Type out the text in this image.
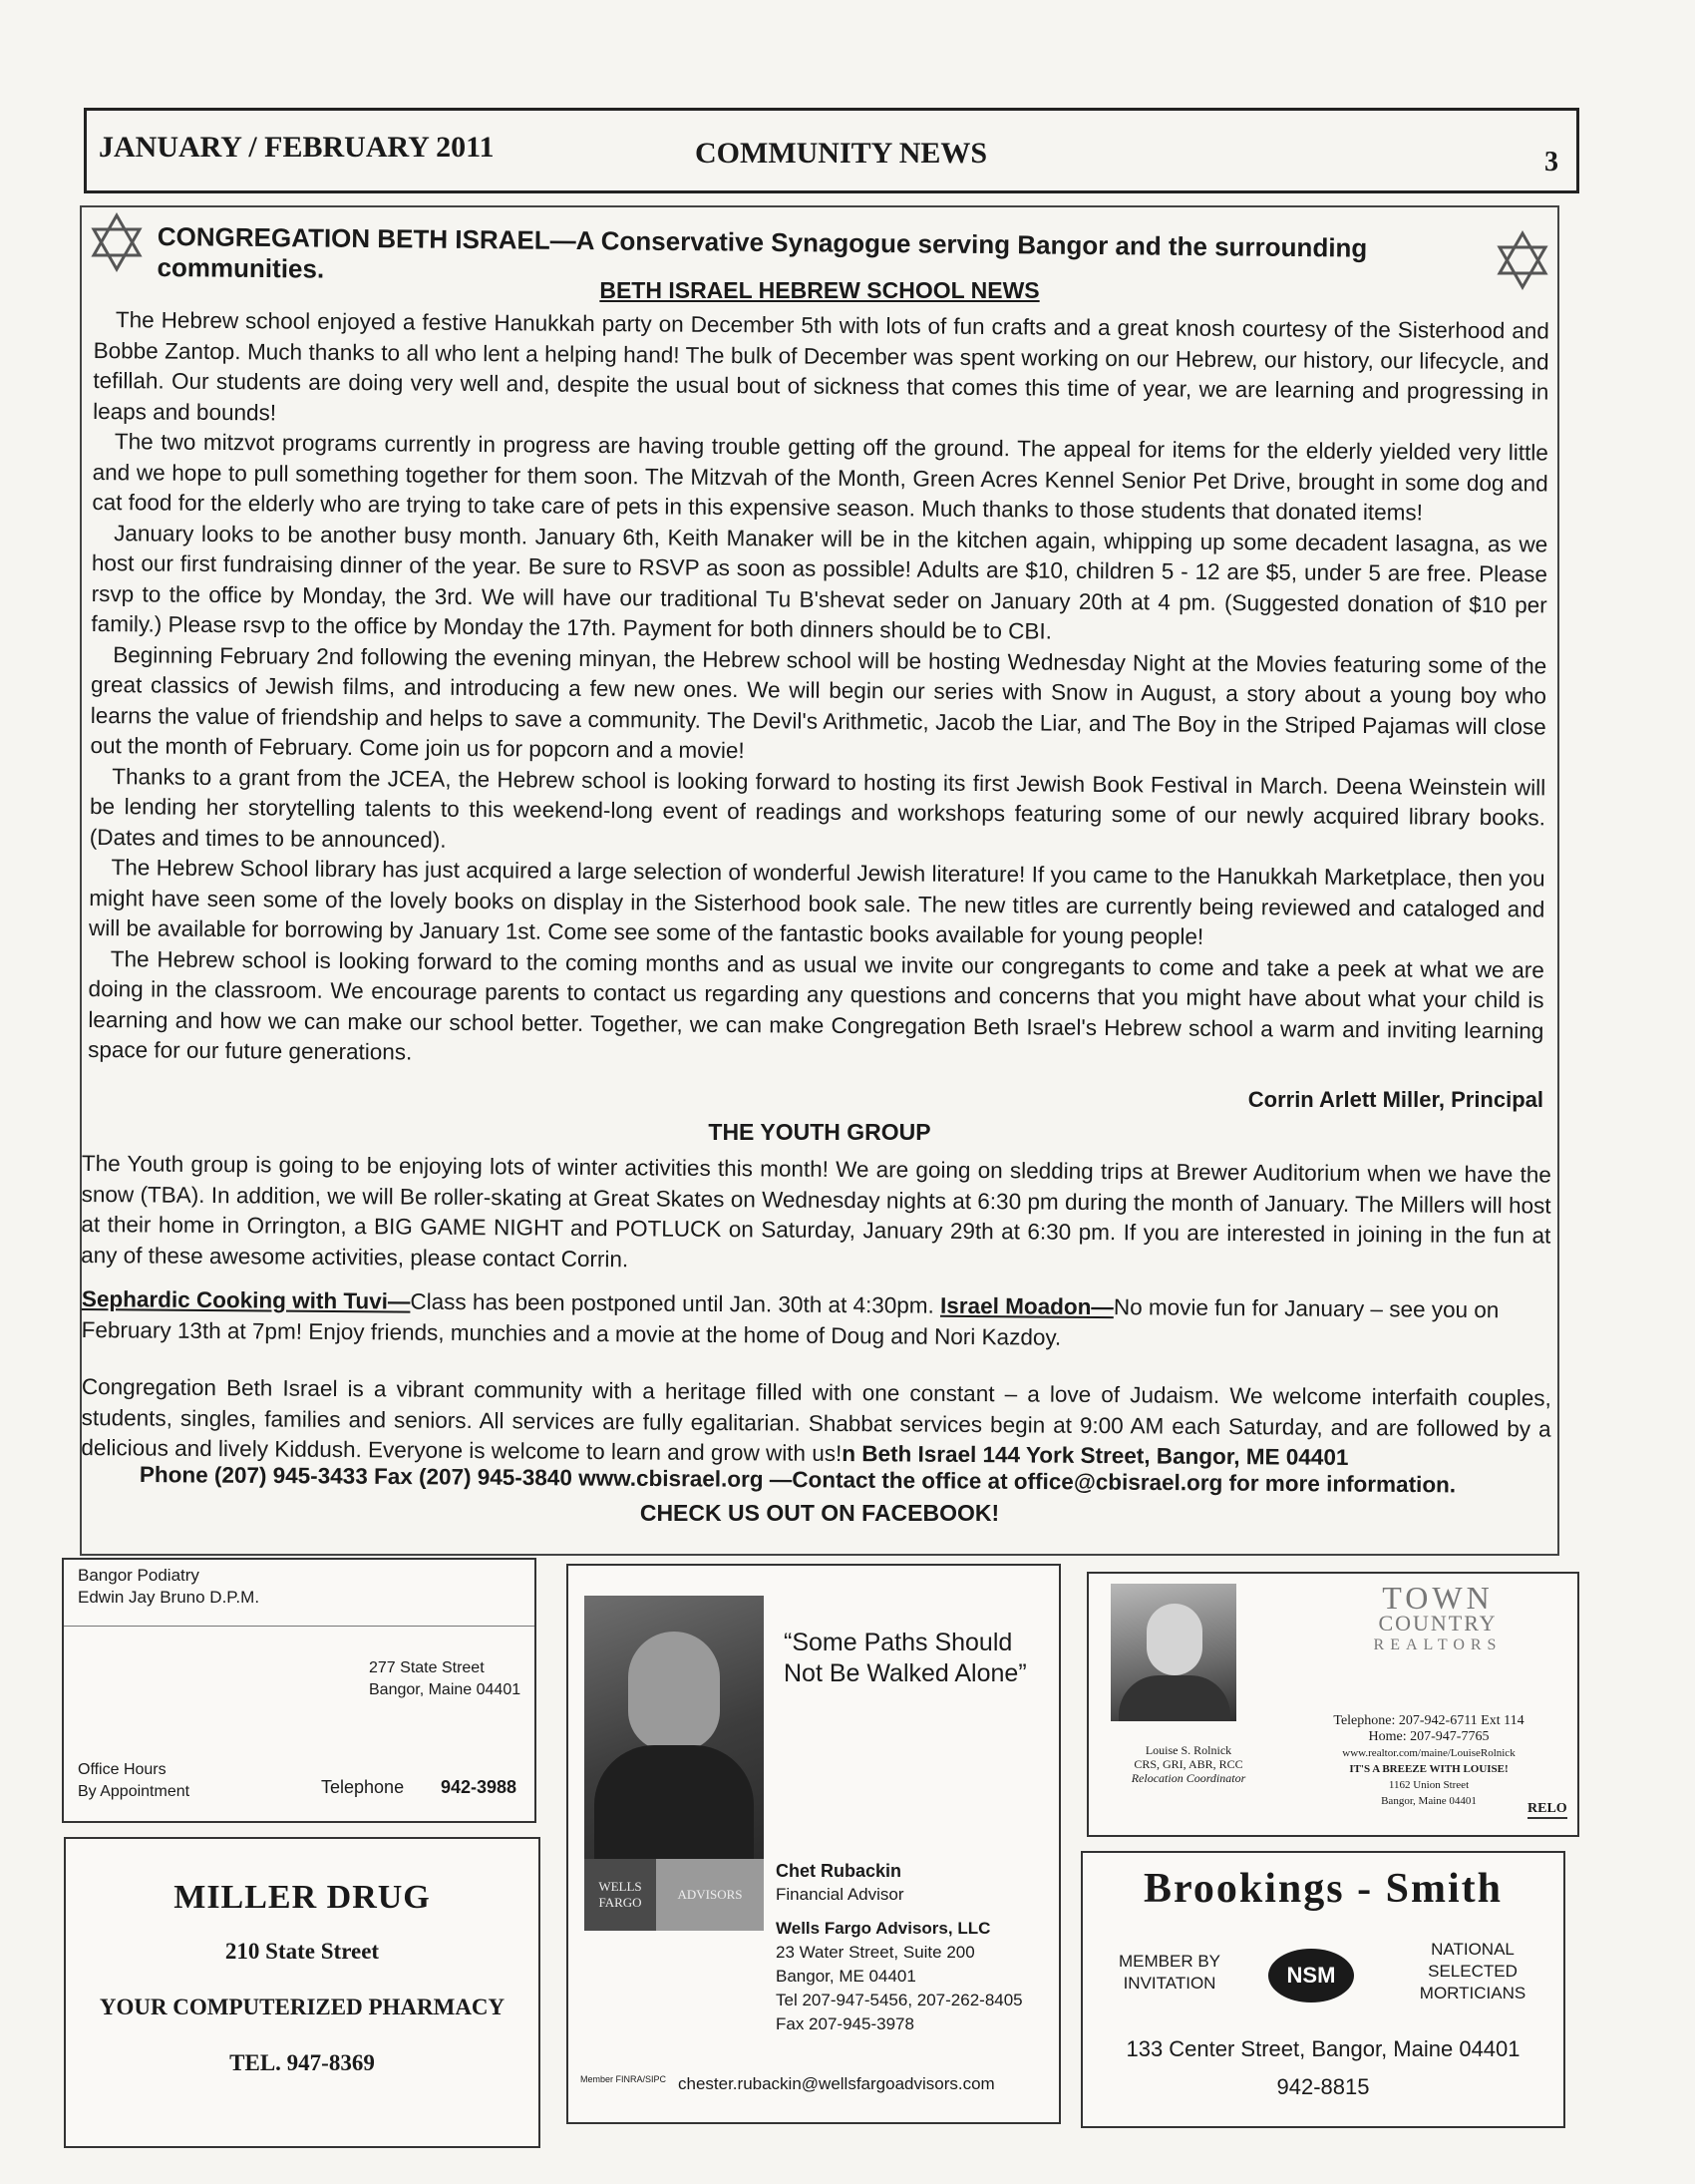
JANUARY / FEBRUARY 2011	COMMUNITY NEWS	3
CONGREGATION BETH ISRAEL—A Conservative Synagogue serving Bangor and the surrounding communities.
BETH ISRAEL HEBREW SCHOOL NEWS

The Hebrew school enjoyed a festive Hanukkah party on December 5th with lots of fun crafts and a great knosh courtesy of the Sisterhood and Bobbe Zantop. Much thanks to all who lent a helping hand! The bulk of December was spent working on our Hebrew, our history, our lifecycle, and tefillah. Our students are doing very well and, despite the usual bout of sickness that comes this time of year, we are learning and progressing in leaps and bounds!

The two mitzvot programs currently in progress are having trouble getting off the ground. The appeal for items for the elderly yielded very little and we hope to pull something together for them soon. The Mitzvah of the Month, Green Acres Kennel Senior Pet Drive, brought in some dog and cat food for the elderly who are trying to take care of pets in this expensive season. Much thanks to those students that donated items!

January looks to be another busy month. January 6th, Keith Manaker will be in the kitchen again, whipping up some decadent lasagna, as we host our first fundraising dinner of the year. Be sure to RSVP as soon as possible! Adults are $10, children 5 - 12 are $5, under 5 are free. Please rsvp to the office by Monday, the 3rd. We will have our traditional Tu B'shevat seder on January 20th at 4 pm. (Suggested donation of $10 per family.) Please rsvp to the office by Monday the 17th. Payment for both dinners should be to CBI.

Beginning February 2nd following the evening minyan, the Hebrew school will be hosting Wednesday Night at the Movies featuring some of the great classics of Jewish films, and introducing a few new ones. We will begin our series with Snow in August, a story about a young boy who learns the value of friendship and helps to save a community. The Devil's Arithmetic, Jacob the Liar, and The Boy in the Striped Pajamas will close out the month of February. Come join us for popcorn and a movie!

Thanks to a grant from the JCEA, the Hebrew school is looking forward to hosting its first Jewish Book Festival in March. Deena Weinstein will be lending her storytelling talents to this weekend-long event of readings and workshops featuring some of our newly acquired library books. (Dates and times to be announced).

The Hebrew School library has just acquired a large selection of wonderful Jewish literature! If you came to the Hanukkah Marketplace, then you might have seen some of the lovely books on display in the Sisterhood book sale. The new titles are currently being reviewed and cataloged and will be available for borrowing by January 1st. Come see some of the fantastic books available for young people!

The Hebrew school is looking forward to the coming months and as usual we invite our congregants to come and take a peek at what we are doing in the classroom. We encourage parents to contact us regarding any questions and concerns that you might have about what your child is learning and how we can make our school better. Together, we can make Congregation Beth Israel's Hebrew school a warm and inviting learning space for our future generations.

Corrin Arlett Miller, Principal
THE YOUTH GROUP
The Youth group is going to be enjoying lots of winter activities this month! We are going on sledding trips at Brewer Auditorium when we have the snow (TBA). In addition, we will Be roller-skating at Great Skates on Wednesday nights at 6:30 pm during the month of January. The Millers will host at their home in Orrington, a BIG GAME NIGHT and POTLUCK on Saturday, January 29th at 6:30 pm. If you are interested in joining in the fun at any of these awesome activities, please contact Corrin.
Sephardic Cooking with Tuvi—Class has been postponed until Jan. 30th at 4:30pm. Israel Moadon—No movie fun for January – see you on February 13th at 7pm! Enjoy friends, munchies and a movie at the home of Doug and Nori Kazdoy.
Congregation Beth Israel is a vibrant community with a heritage filled with one constant – a love of Judaism. We welcome interfaith couples, students, singles, families and seniors. All services are fully egalitarian. Shabbat services begin at 9:00 AM each Saturday, and are followed by a delicious and lively Kiddush. Everyone is welcome to learn and grow with us!n Beth Israel 144 York Street, Bangor, ME 04401
Phone (207) 945-3433 Fax (207) 945-3840 www.cbisrael.org —Contact the office at office@cbisrael.org for more information.
CHECK US OUT ON FACEBOOK!
Bangor Podiatry
Edwin Jay Bruno D.P.M.
277 State Street
Bangor, Maine 04401
Office Hours
By Appointment	Telephone 942-3988
MILLER DRUG
210 State Street
YOUR COMPUTERIZED PHARMACY
TEL. 947-8369
“Some Paths Should Not Be Walked Alone”
WELLS FARGO
ADVISORS
Chet Rubackin
Financial Advisor
Wells Fargo Advisors, LLC
23 Water Street, Suite 200
Bangor, ME 04401
Tel 207-947-5456, 207-262-8405
Fax 207-945-3978
Member FINRA/SIPC chester.rubackin@wellsfargoadvisors.com
TOWN
COUNTRY
REALTORS
Telephone: 207-942-6711 Ext 114
Home: 207-947-7765
www.realtor.com/maine/LouiseRolnick
IT'S A BREEZE WITH LOUISE!
1162 Union Street
Bangor, Maine 04401
Louise S. Rolnick
CRS, GRI, ABR, RCC
Relocation Coordinator
RELO
Brookings - Smith
MEMBER BY
INVITATION	NSM
NATIONAL
SELECTED
MORTICIANS
133 Center Street, Bangor, Maine 04401
942-8815
